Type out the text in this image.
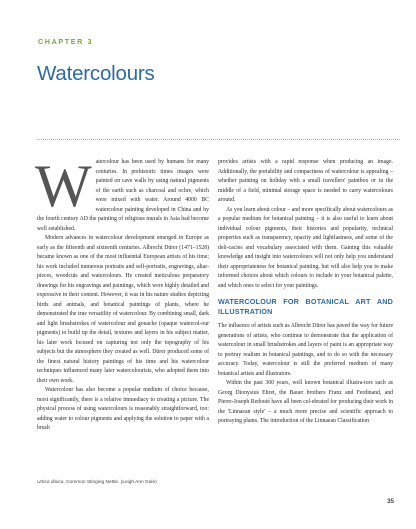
CHAPTER 3
Watercolours

Watercolour has been used by humans for many centuries. In prehistoric times images were painted on cave walls by using natural pigments of the earth such as charcoal and ochre, which were mixed with water. Around 4000 BC watercolour painting developed in China and by the fourth century AD the painting of religious murals in Asia had become well established.

Modern advances in watercolour development emerged in Europe as early as the fifteenth and sixteenth centuries. Albrecht Dürer (1471–1528) became known as one of the most influential European artists of his time; his work included numerous portraits and self-portraits, engravings, altar-pieces, woodcuts and watercolours. He created meticulous preparatory drawings for his engravings and paintings, which were highly detailed and expressive in their content. However, it was in his nature studies depicting birds and animals, and botanical paintings of plants, where he demonstrated the true versatility of watercolour. By combining small, dark and light brushstrokes of watercolour and gouache (opaque watercol-our pigments) to build up the detail, textures and layers in his subject matter, his later work focused on capturing not only the topography of his subjects but the atmosphere they created as well. Dürer produced some of the finest natural history paintings of his time and his watercolour techniques influenced many later watercolourists, who adopted them into their own work.

Watercolour has also become a popular medium of choice because, most significantly, there is a relative immediacy to creating a picture. The physical process of using watercolours is reasonably straightforward, too: adding water to colour pigments and applying the solution to paper with a brush

provides artists with a rapid response when producing an image. Additionally, the portability and compactness of watercolour is appealing – whether painting on holiday with a small travellers' paintbox or in the middle of a field, minimal storage space is needed to carry watercolours around.

As you learn about colour – and more specifically about watercolours as a popular medium for botanical painting – it is also useful to learn about individual colour pigments, their histories and popularity, technical properties such as transparency, opacity and lightfastness, and some of the deli-cacies and vocabulary associated with them. Gaining this valuable knowledge and insight into watercolours will not only help you understand their appropriateness for botanical painting, but will also help you to make informed choices about which colours to include in your botanical palette, and which ones to select for your paintings.

WATERCOLOUR FOR BOTANICAL ART AND ILLUSTRATION

The influence of artists such as Albrecht Dürer has paved the way for future generations of artists, who continue to demonstrate that the application of watercolour in small brushstrokes and layers of paint is an appropriate way to portray realism in botanical paintings, and to do so with the necessary accuracy. Today, watercolour is still the preferred medium of many botanical artists and illustrators.

Within the past 300 years, well known botanical illustra-tors such as Georg Dionysius Ehret, the Bauer brothers Franz and Ferdinand, and Pierre-Joseph Redouté have all been cel-ebrated for producing their work in the 'Linnaean style' – a much more precise and scientific approach to portraying plants. The introduction of the Linnaean Classification

Urtica dioica, Common Stinging Nettle. (Leigh Ann Gale)
35
